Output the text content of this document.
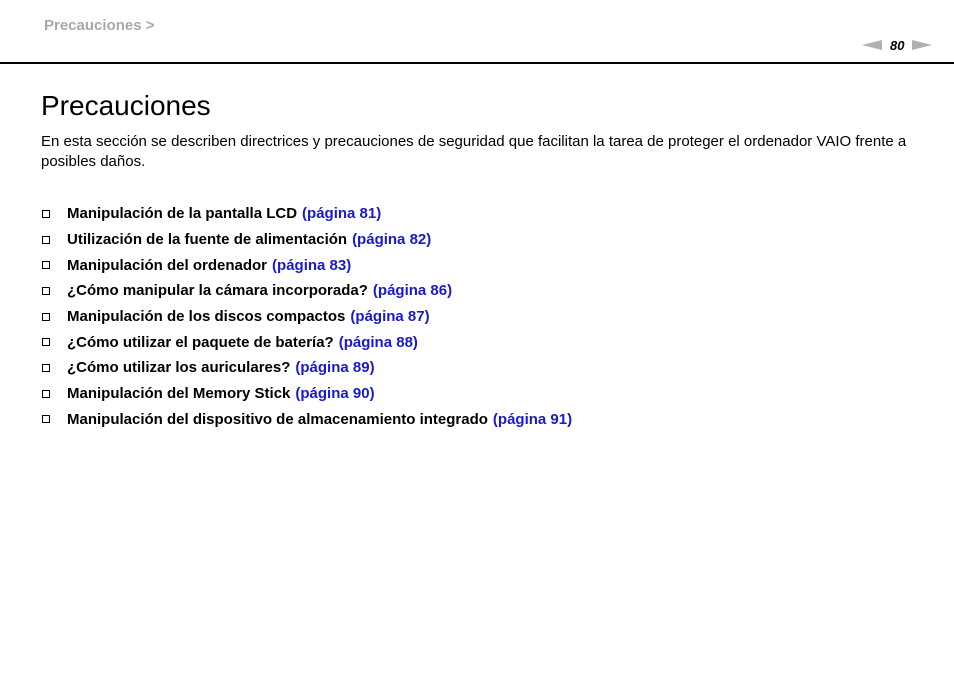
Precauciones >
80
Precauciones

En esta sección se describen directrices y precauciones de seguridad que facilitan la tarea de proteger el ordenador VAIO frente a posibles daños.

Manipulación de la pantalla LCD (página 81)
Utilización de la fuente de alimentación (página 82)
Manipulación del ordenador (página 83)
¿Cómo manipular la cámara incorporada? (página 86)
Manipulación de los discos compactos (página 87)
¿Cómo utilizar el paquete de batería? (página 88)
¿Cómo utilizar los auriculares? (página 89)
Manipulación del Memory Stick (página 90)
Manipulación del dispositivo de almacenamiento integrado (página 91)
